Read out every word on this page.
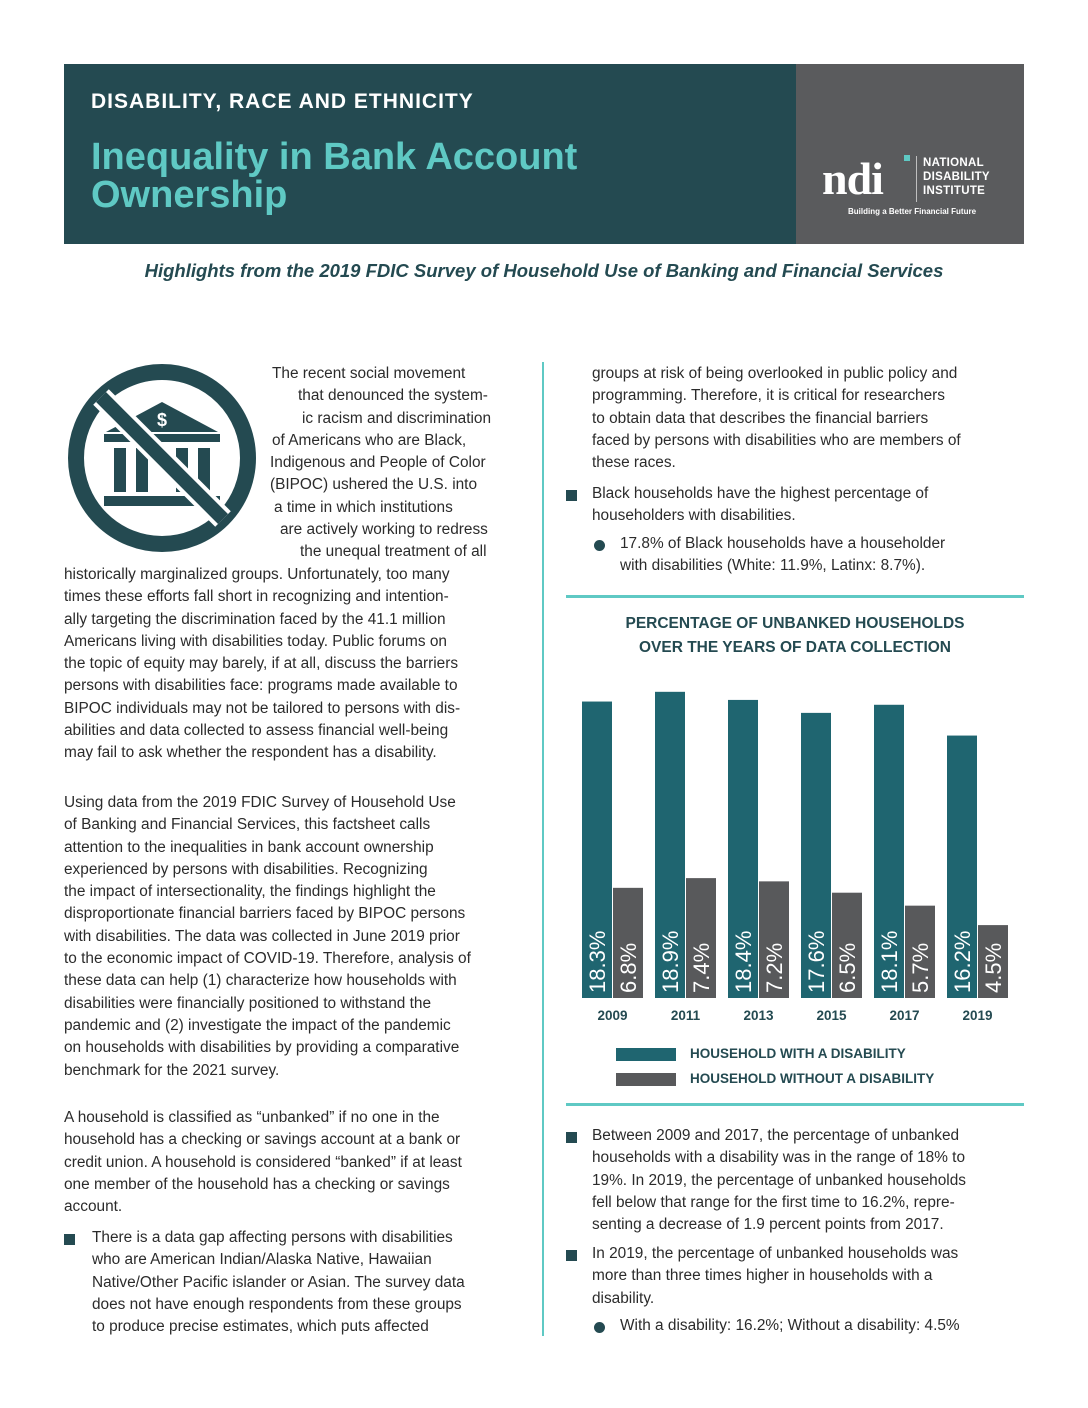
DISABILITY, RACE AND ETHNICITY
Inequality in Bank Account Ownership	ndi	NATIONAL
DISABILITY
INSTITUTE
Building a Better Financial Future
Highlights from the 2019 FDIC Survey of Household Use of Banking and Financial Services
$
The recent social movement
that denounced the system-
ic racism and discrimination
of Americans who are Black,
Indigenous and People of Color
(BIPOC) ushered the U.S. into
a time in which institutions
are actively working to redress
the unequal treatment of all
historically marginalized groups. Unfortunately, too many
times these efforts fall short in recognizing and intention-
ally targeting the discrimination faced by the 41.1 million
Americans living with disabilities today. Public forums on
the topic of equity may barely, if at all, discuss the barriers
persons with disabilities face: programs made available to
BIPOC individuals may not be tailored to persons with dis-
abilities and data collected to assess financial well-being
may fail to ask whether the respondent has a disability.
Using data from the 2019 FDIC Survey of Household Use
of Banking and Financial Services, this factsheet calls
attention to the inequalities in bank account ownership
experienced by persons with disabilities. Recognizing
the impact of intersectionality, the findings highlight the
disproportionate financial barriers faced by BIPOC persons
with disabilities. The data was collected in June 2019 prior
to the economic impact of COVID-19. Therefore, analysis of
these data can help (1) characterize how households with
disabilities were financially positioned to withstand the
pandemic and (2) investigate the impact of the pandemic
on households with disabilities by providing a comparative
benchmark for the 2021 survey.
A household is classified as “unbanked” if no one in the
household has a checking or savings account at a bank or
credit union. A household is considered “banked” if at least
one member of the household has a checking or savings
account.
There is a data gap affecting persons with disabilities
who are American Indian/Alaska Native, Hawaiian
Native/Other Pacific islander or Asian. The survey data
does not have enough respondents from these groups
to produce precise estimates, which puts affected
groups at risk of being overlooked in public policy and
programming. Therefore, it is critical for researchers
to obtain data that describes the financial barriers
faced by persons with disabilities who are members of
these races.
Black households have the highest percentage of
householders with disabilities.
17.8% of Black households have a householder
with disabilities (White: 11.9%, Latinx: 8.7%).
PERCENTAGE OF UNBANKED HOUSEHOLDS
OVER THE YEARS OF DATA COLLECTION
18.3% 6.8%
2009
18.9% 7.4%
2011
18.4% 7.2%
2013
17.6% 6.5%
2015
18.1% 5.7%
2017
16.2% 4.5%
2019
HOUSEHOLD WITH A DISABILITY
HOUSEHOLD WITHOUT A DISABILITY
Between 2009 and 2017, the percentage of unbanked
households with a disability was in the range of 18% to
19%. In 2019, the percentage of unbanked households
fell below that range for the first time to 16.2%, repre-
senting a decrease of 1.9 percent points from 2017.
In 2019, the percentage of unbanked households was
more than three times higher in households with a
disability.
With a disability: 16.2%; Without a disability: 4.5%
